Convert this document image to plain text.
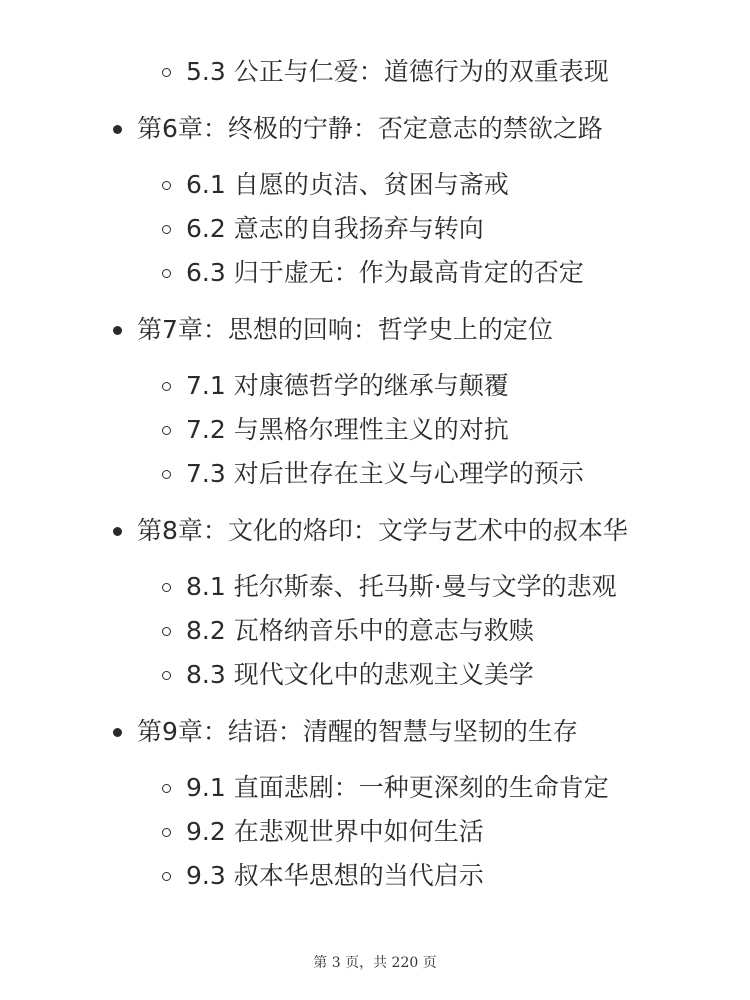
5.3 公正与仁爱：道德行为的双重表现
第6章：终极的宁静：否定意志的禁欲之路
6.1 自愿的贞洁、贫困与斋戒
6.2 意志的自我扬弃与转向
6.3 归于虚无：作为最高肯定的否定
第7章：思想的回响：哲学史上的定位
7.1 对康德哲学的继承与颠覆
7.2 与黑格尔理性主义的对抗
7.3 对后世存在主义与心理学的预示
第8章：文化的烙印：文学与艺术中的叔本华
8.1 托尔斯泰、托马斯·曼与文学的悲观
8.2 瓦格纳音乐中的意志与救赎
8.3 现代文化中的悲观主义美学
第9章：结语：清醒的智慧与坚韧的生存
9.1 直面悲剧：一种更深刻的生命肯定
9.2 在悲观世界中如何生活
9.3 叔本华思想的当代启示
第 3 页，共 220 页
